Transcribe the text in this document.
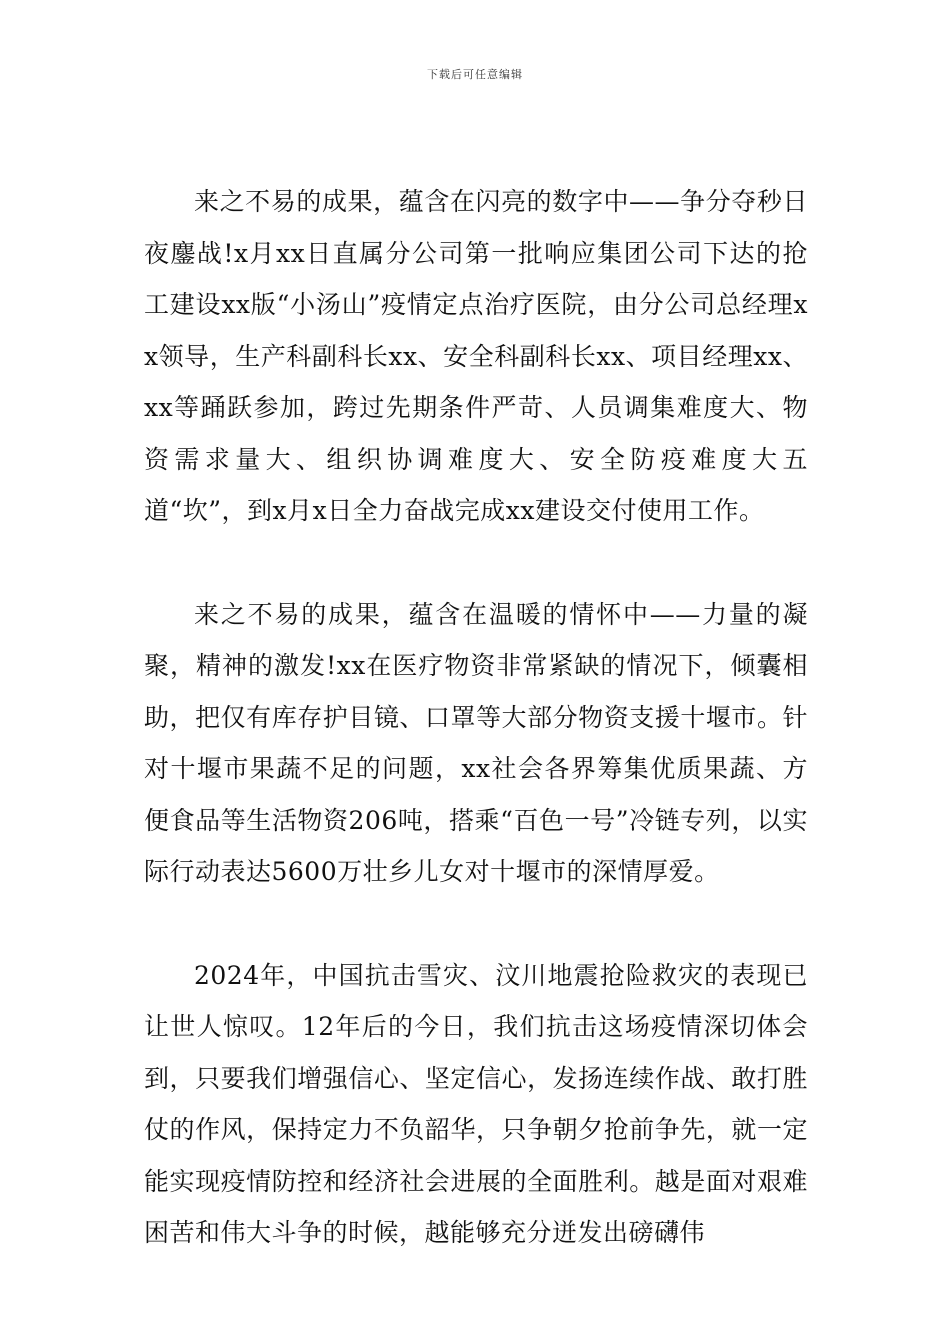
下载后可任意编辑

来之不易的成果，蕴含在闪亮的数字中——争分夺秒日夜鏖战!x月xx日直属分公司第一批响应集团公司下达的抢工建设xx版“小汤山”疫情定点治疗医院，由分公司总经理xx领导，生产科副科长xx、安全科副科长xx、项目经理xx、xx等踊跃参加，跨过先期条件严苛、人员调集难度大、物资需求量大、组织协调难度大、安全防疫难度大五道“坎”，到x月x日全力奋战完成xx建设交付使用工作。

来之不易的成果，蕴含在温暖的情怀中——力量的凝聚，精神的激发!xx在医疗物资非常紧缺的情况下，倾囊相助，把仅有库存护目镜、口罩等大部分物资支援十堰市。针对十堰市果蔬不足的问题，xx社会各界筹集优质果蔬、方便食品等生活物资206吨，搭乘“百色一号”冷链专列，以实际行动表达5600万壮乡儿女对十堰市的深情厚爱。

2024年，中国抗击雪灾、汶川地震抢险救灾的表现已让世人惊叹。12年后的今日，我们抗击这场疫情深切体会到，只要我们增强信心、坚定信心，发扬连续作战、敢打胜仗的作风，保持定力不负韶华，只争朝夕抢前争先，就一定能实现疫情防控和经济社会进展的全面胜利。越是面对艰难困苦和伟大斗争的时候，越能够充分迸发出磅礴伟
